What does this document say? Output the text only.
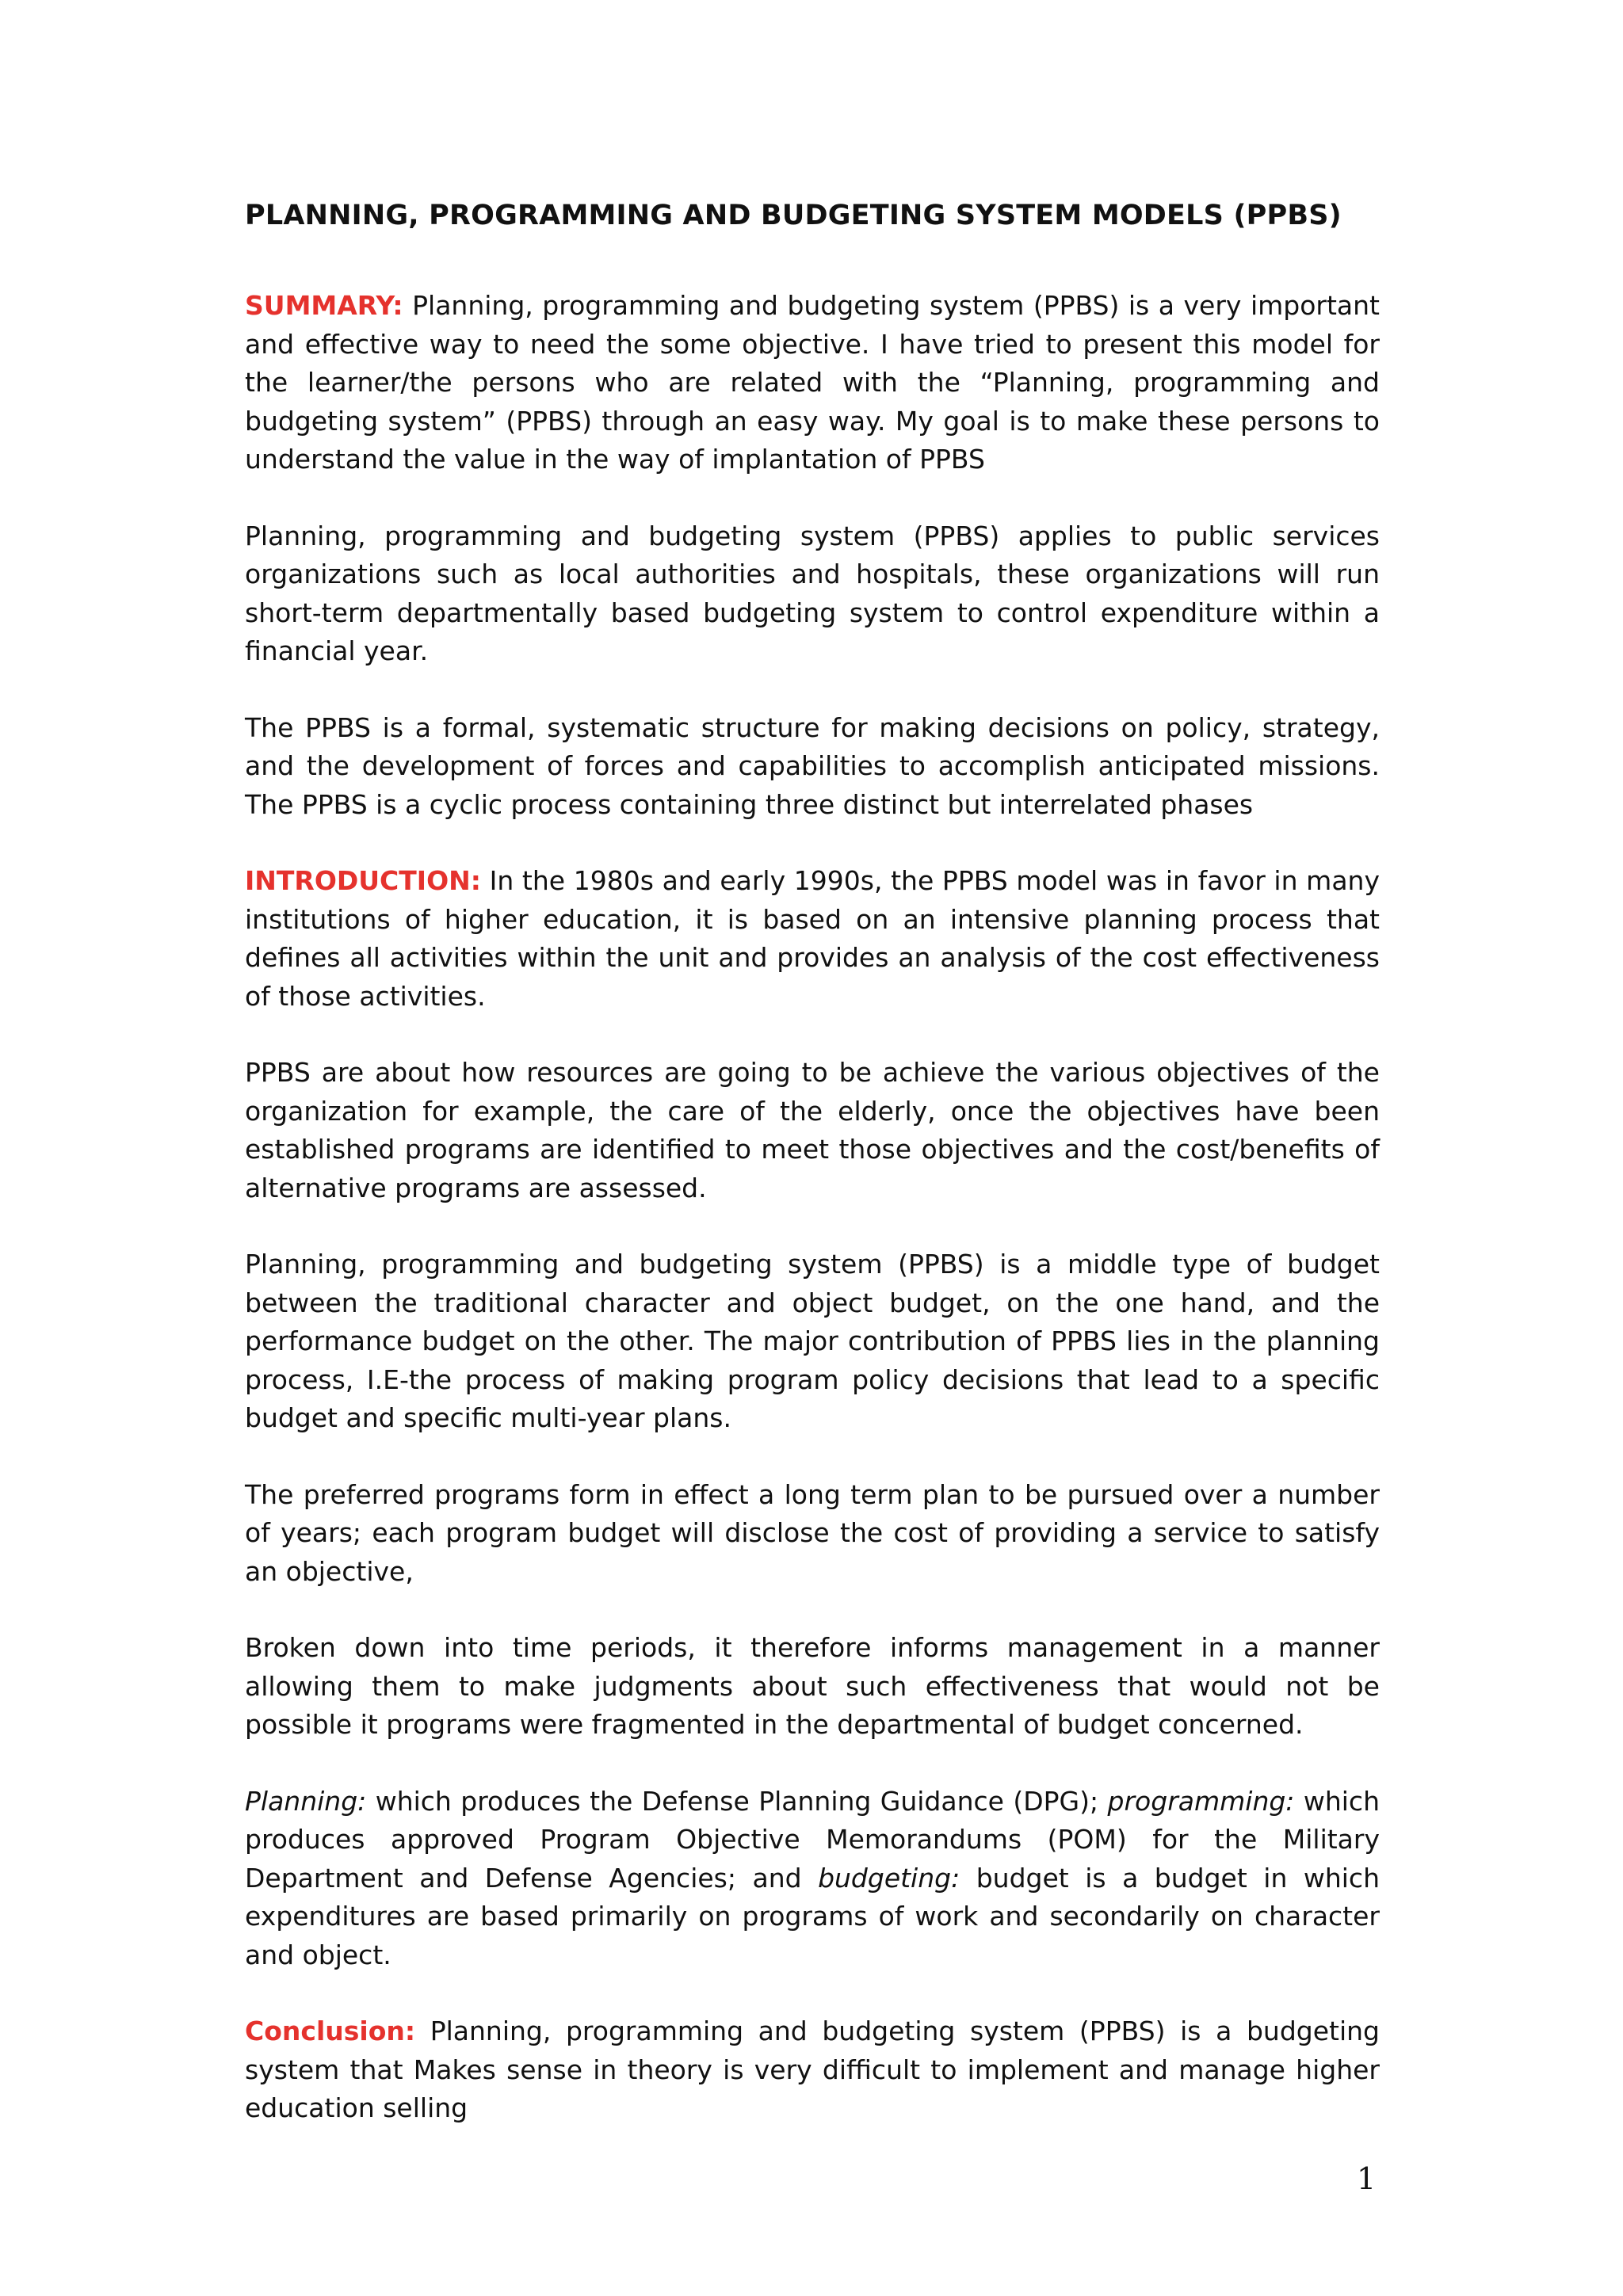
PLANNING, PROGRAMMING AND BUDGETING SYSTEM MODELS (PPBS)

SUMMARY: Planning, programming and budgeting system (PPBS) is a very important and effective way to need the some objective. I have tried to present this model for the learner/the persons who are related with the “Planning, programming and budgeting system” (PPBS) through an easy way. My goal is to make these persons to understand the value in the way of implantation of PPBS

Planning, programming and budgeting system (PPBS) applies to public services organizations such as local authorities and hospitals, these organizations will run short-term departmentally based budgeting system to control expenditure within a financial year.

The PPBS is a formal, systematic structure for making decisions on policy, strategy, and the development of forces and capabilities to accomplish anticipated missions. The PPBS is a cyclic process containing three distinct but interrelated phases

INTRODUCTION: In the 1980s and early 1990s, the PPBS model was in favor in many institutions of higher education, it is based on an intensive planning process that defines all activities within the unit and provides an analysis of the cost effectiveness of those activities.

PPBS are about how resources are going to be achieve the various objectives of the organization for example, the care of the elderly, once the objectives have been established programs are identified to meet those objectives and the cost/benefits of alternative programs are assessed.

Planning, programming and budgeting system (PPBS) is a middle type of budget between the traditional character and object budget, on the one hand, and the performance budget on the other. The major contribution of PPBS lies in the planning process, I.E-the process of making program policy decisions that lead to a specific budget and specific multi-year plans.

The preferred programs form in effect a long term plan to be pursued over a number of years; each program budget will disclose the cost of providing a service to satisfy an objective,

Broken down into time periods, it therefore informs management in a manner allowing them to make judgments about such effectiveness that would not be possible it programs were fragmented in the departmental of budget concerned.

Planning: which produces the Defense Planning Guidance (DPG); programming: which produces approved Program Objective Memorandums (POM) for the Military Department and Defense Agencies; and budgeting: budget is a budget in which expenditures are based primarily on programs of work and secondarily on character and object.

Conclusion: Planning, programming and budgeting system (PPBS) is a budgeting system that Makes sense in theory is very difficult to implement and manage higher education selling

1
